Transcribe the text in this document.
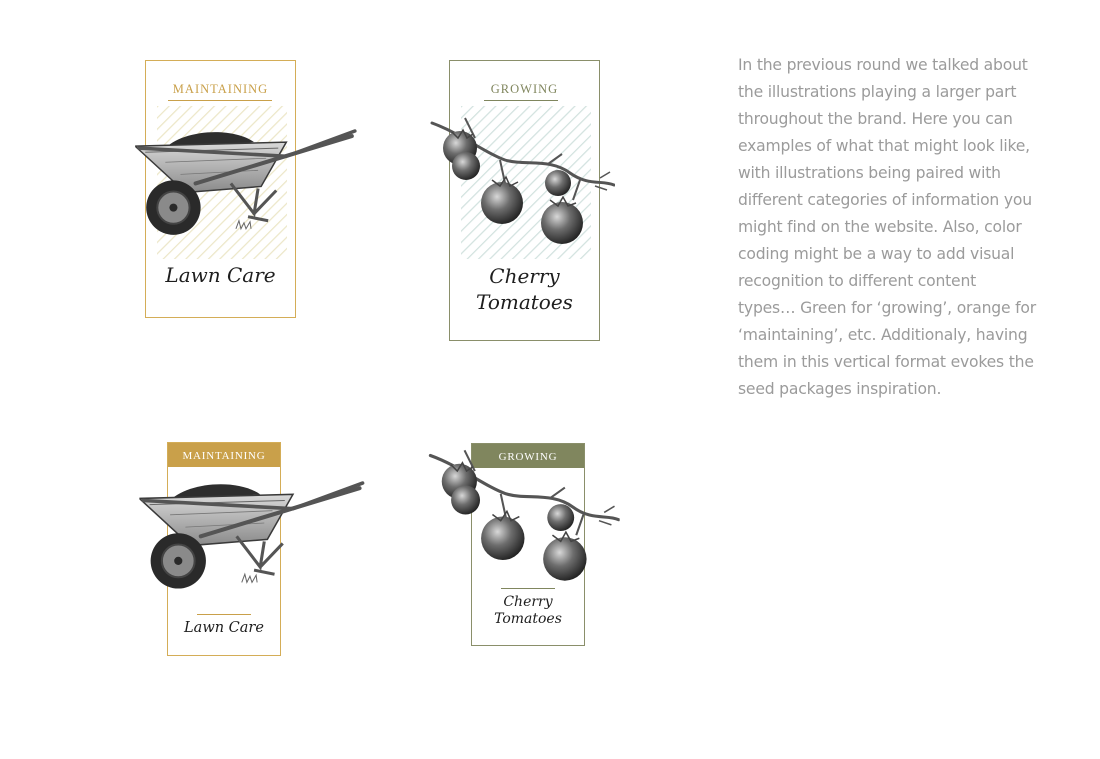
MAINTAINING
Lawn Care
GROWING
Cherry
Tomatoes
MAINTAINING
Lawn Care
GROWING
Cherry
Tomatoes

In the previous round we talked about the illustrations playing a larger part throughout the brand. Here you can examples of what that might look like, with illustrations being paired with different categories of information you might find on the website. Also, color coding might be a way to add visual recognition to different content types… Green for ‘growing’, orange for ‘maintaining’, etc. Additionaly, having them in this vertical format evokes the seed packages inspiration.
